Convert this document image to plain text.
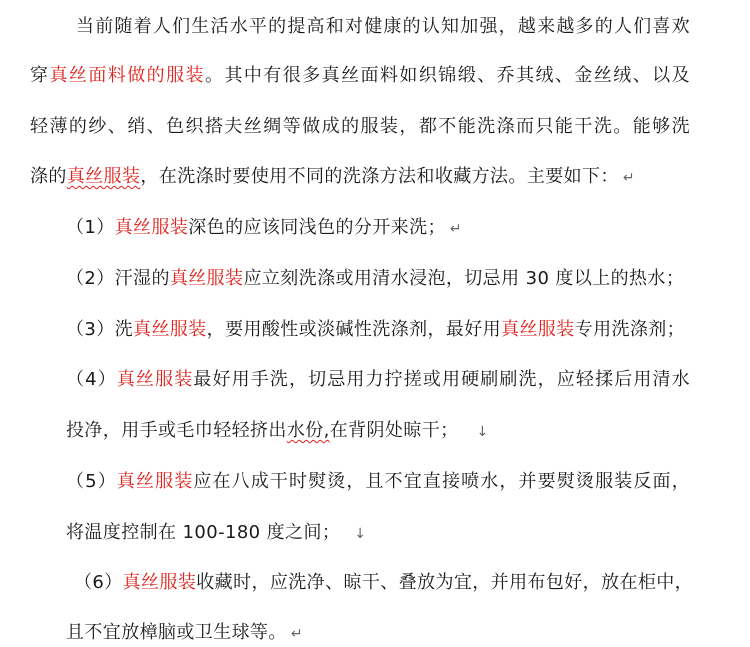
当前随着人们生活水平的提高和对健康的认知加强，越来越多的人们喜欢
穿真丝面料做的服装。其中有很多真丝面料如织锦缎、乔其绒、金丝绒、以及
轻薄的纱、绡、色织搭夫丝绸等做成的服装，都不能洗涤而只能干洗。能够洗
涤的真丝服装，在洗涤时要使用不同的洗涤方法和收藏方法。主要如下： ↵
（1）真丝服装深色的应该同浅色的分开来洗； ↵
（2）汗湿的真丝服装应立刻洗涤或用清水浸泡，切忌用 30 度以上的热水；
（3）洗真丝服装，要用酸性或淡碱性洗涤剂，最好用真丝服装专用洗涤剂；
（4）真丝服装最好用手洗，切忌用力拧搓或用硬刷刷洗，应轻揉后用清水
投净，用手或毛巾轻轻挤出水份,在背阴处晾干； ↓
（5）真丝服装应在八成干时熨烫，且不宜直接喷水，并要熨烫服装反面，
将温度控制在 100-180 度之间； ↓
（6）真丝服装收藏时，应洗净、晾干、叠放为宜，并用布包好，放在柜中，
且不宜放樟脑或卫生球等。 ↵
